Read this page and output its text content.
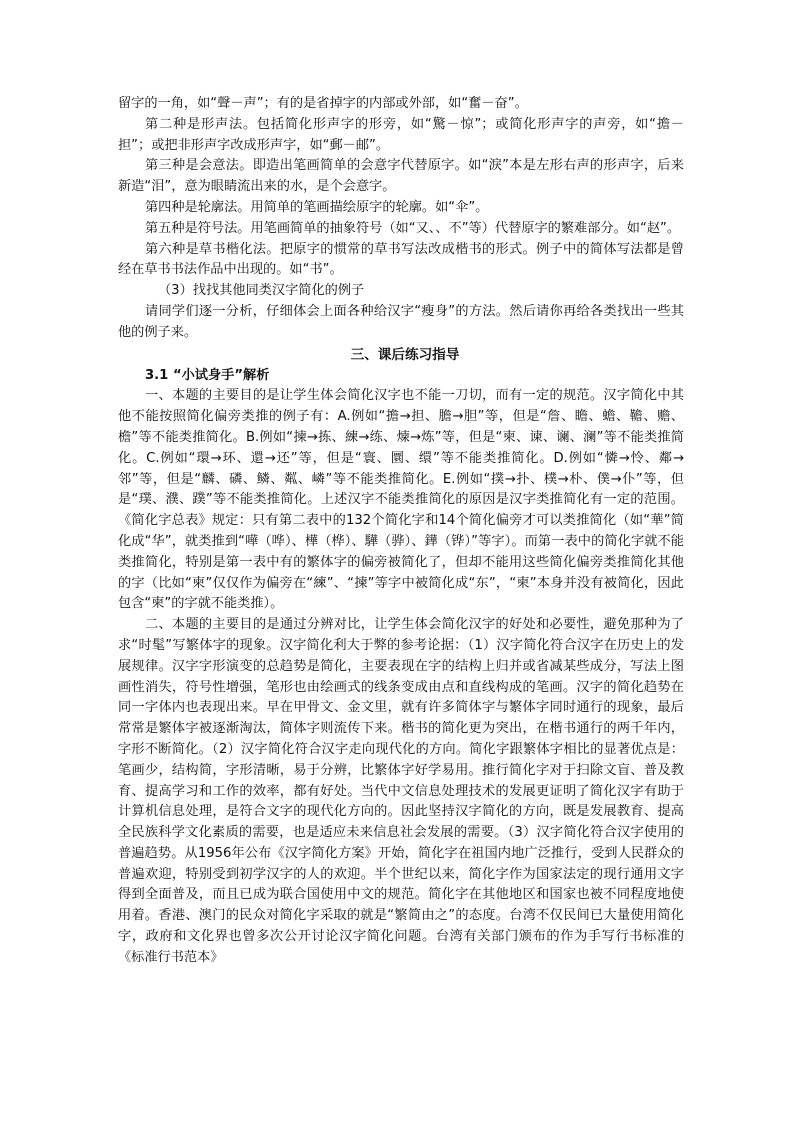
留字的一角，如“聲－声”；有的是省掉字的内部或外部，如“奮－奋”。

第二种是形声法。包括简化形声字的形旁，如“驚－惊”；或简化形声字的声旁，如“擔－担”；或把非形声字改成形声字，如“郵－邮”。

第三种是会意法。即造出笔画简单的会意字代替原字。如“淚”本是左形右声的形声字，后来新造“泪”，意为眼睛流出来的水，是个会意字。

第四种是轮廓法。用简单的笔画描绘原字的轮廓。如“伞”。

第五种是符号法。用笔画简单的抽象符号（如“又、、不”等）代替原字的繁难部分。如“赵”。

第六种是草书楷化法。把原字的惯常的草书写法改成楷书的形式。例子中的简体写法都是曾经在草书书法作品中出现的。如“书”。

（3）找找其他同类汉字简化的例子

请同学们逐一分析，仔细体会上面各种给汉字“瘦身”的方法。然后请你再给各类找出一些其他的例子来。

三、课后练习指导

3.1 “小试身手”解析

一、本题的主要目的是让学生体会简化汉字也不能一刀切，而有一定的规范。汉字简化中其他不能按照简化偏旁类推的例子有：A.例如“擔→担、膽→胆”等，但是“詹、瞻、蟾、韂、赡、檐”等不能类推简化。B.例如“揀→拣、練→练、煉→炼”等，但是“柬、谏、谰、澜”等不能类推简化。C.例如“環→环、還→还”等，但是“寰、圜、缳”等不能类推简化。D.例如“憐→怜、鄰→邻”等，但是“麟、磷、鳞、粼、嶙”等不能类推简化。E.例如“撲→扑、樸→朴、僕→仆”等，但是“璞、濮、蹼”等不能类推简化。上述汉字不能类推简化的原因是汉字类推简化有一定的范围。《简化字总表》规定：只有第二表中的132个简化字和14个简化偏旁才可以类推简化（如“華”简化成“华”，就类推到“嘩（哗）、樺（桦）、驊（骅）、鏵（铧）”等字）。而第一表中的简化字就不能类推简化，特别是第一表中有的繁体字的偏旁被简化了，但却不能用这些简化偏旁类推简化其他的字（比如“柬”仅仅作为偏旁在“練”、“揀”等字中被简化成“东”，“柬”本身并没有被简化，因此包含“柬”的字就不能类推）。

二、本题的主要目的是通过分辨对比，让学生体会简化汉字的好处和必要性，避免那种为了求“时髦”写繁体字的现象。汉字简化利大于弊的参考论据：（1）汉字简化符合汉字在历史上的发展规律。汉字字形演变的总趋势是简化，主要表现在字的结构上归并或省减某些成分，写法上图画性消失，符号性增强，笔形也由绘画式的线条变成由点和直线构成的笔画。汉字的简化趋势在同一字体内也表现出来。早在甲骨文、金文里，就有许多简体字与繁体字同时通行的现象，最后常常是繁体字被逐渐淘汰，简体字则流传下来。楷书的简化更为突出，在楷书通行的两千年内，字形不断简化。（2）汉字简化符合汉字走向现代化的方向。简化字跟繁体字相比的显著优点是：笔画少，结构简，字形清晰，易于分辨，比繁体字好学易用。推行简化字对于扫除文盲、普及教育、提高学习和工作的效率，都有好处。当代中文信息处理技术的发展更证明了简化汉字有助于计算机信息处理，是符合文字的现代化方向的。因此坚持汉字简化的方向，既是发展教育、提高全民族科学文化素质的需要，也是适应未来信息社会发展的需要。（3）汉字简化符合汉字使用的普遍趋势。从1956年公布《汉字简化方案》开始，简化字在祖国内地广泛推行，受到人民群众的普遍欢迎，特别受到初学汉字的人的欢迎。半个世纪以来，简化字作为国家法定的现行通用文字得到全面普及，而且已成为联合国使用中文的规范。简化字在其他地区和国家也被不同程度地使用着。香港、澳门的民众对简化字采取的就是“繁简由之”的态度。台湾不仅民间已大量使用简化字，政府和文化界也曾多次公开讨论汉字简化问题。台湾有关部门颁布的作为手写行书标准的《标准行书范本》
